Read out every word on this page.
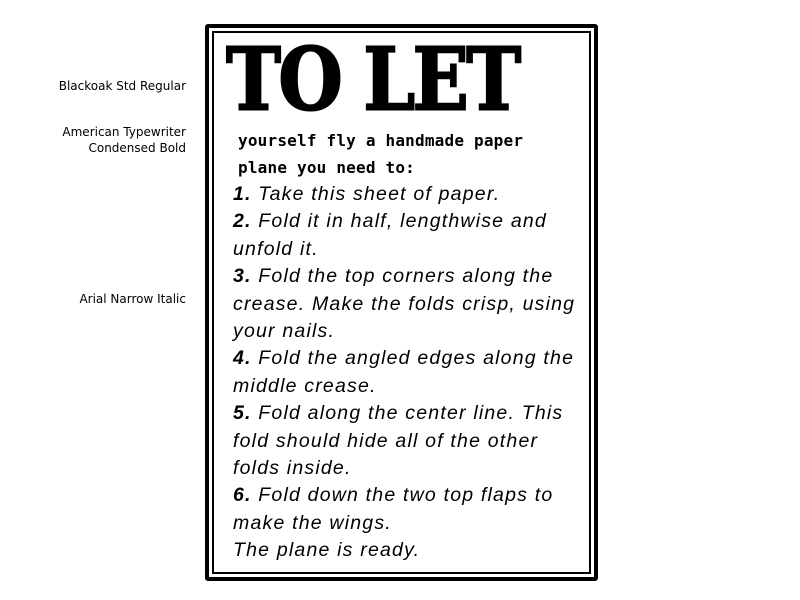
Blackoak Std Regular
American Typewriter
Condensed Bold
Arial Narrow Italic
TO LET

yourself fly a handmade paper plane you need to:

1. Take this sheet of paper.
2. Fold it in half, lengthwise and unfold it.
3. Fold the top corners along the crease. Make the folds crisp, using your nails.
4. Fold the angled edges along the middle crease.
5. Fold along the center line. This fold should hide all of the other folds inside.
6. Fold down the two top flaps to make the wings.

The plane is ready.
